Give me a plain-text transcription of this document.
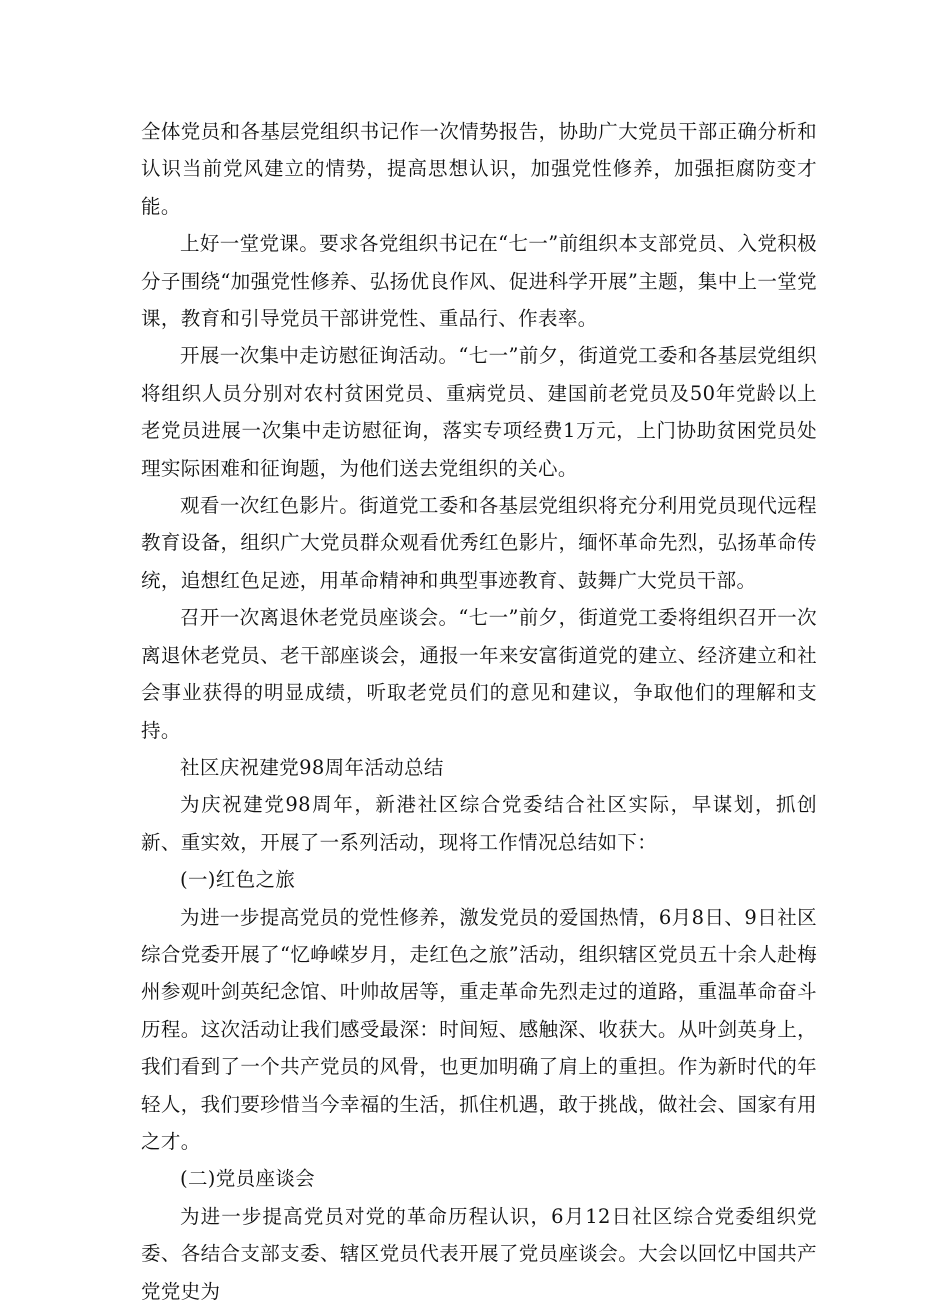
全体党员和各基层党组织书记作一次情势报告，协助广大党员干部正确分析和认识当前党风建立的情势，提高思想认识，加强党性修养，加强拒腐防变才能。

上好一堂党课。要求各党组织书记在“七一”前组织本支部党员、入党积极分子围绕“加强党性修养、弘扬优良作风、促进科学开展”主题，集中上一堂党课，教育和引导党员干部讲党性、重品行、作表率。

开展一次集中走访慰征询活动。“七一”前夕，街道党工委和各基层党组织将组织人员分别对农村贫困党员、重病党员、建国前老党员及50年党龄以上老党员进展一次集中走访慰征询，落实专项经费1万元，上门协助贫困党员处理实际困难和征询题，为他们送去党组织的关心。

观看一次红色影片。街道党工委和各基层党组织将充分利用党员现代远程教育设备，组织广大党员群众观看优秀红色影片，缅怀革命先烈，弘扬革命传统，追想红色足迹，用革命精神和典型事迹教育、鼓舞广大党员干部。

召开一次离退休老党员座谈会。“七一”前夕，街道党工委将组织召开一次离退休老党员、老干部座谈会，通报一年来安富街道党的建立、经济建立和社会事业获得的明显成绩，听取老党员们的意见和建议，争取他们的理解和支持。

社区庆祝建党98周年活动总结

为庆祝建党98周年，新港社区综合党委结合社区实际，早谋划，抓创新、重实效，开展了一系列活动，现将工作情况总结如下：

(一)红色之旅

为进一步提高党员的党性修养，激发党员的爱国热情，6月8日、9日社区综合党委开展了“忆峥嵘岁月，走红色之旅”活动，组织辖区党员五十余人赴梅州参观叶剑英纪念馆、叶帅故居等，重走革命先烈走过的道路，重温革命奋斗历程。这次活动让我们感受最深：时间短、感触深、收获大。从叶剑英身上，我们看到了一个共产党员的风骨，也更加明确了肩上的重担。作为新时代的年轻人，我们要珍惜当今幸福的生活，抓住机遇，敢于挑战，做社会、国家有用之才。

(二)党员座谈会

为进一步提高党员对党的革命历程认识，6月12日社区综合党委组织党委、各结合支部支委、辖区党员代表开展了党员座谈会。大会以回忆中国共产党党史为
